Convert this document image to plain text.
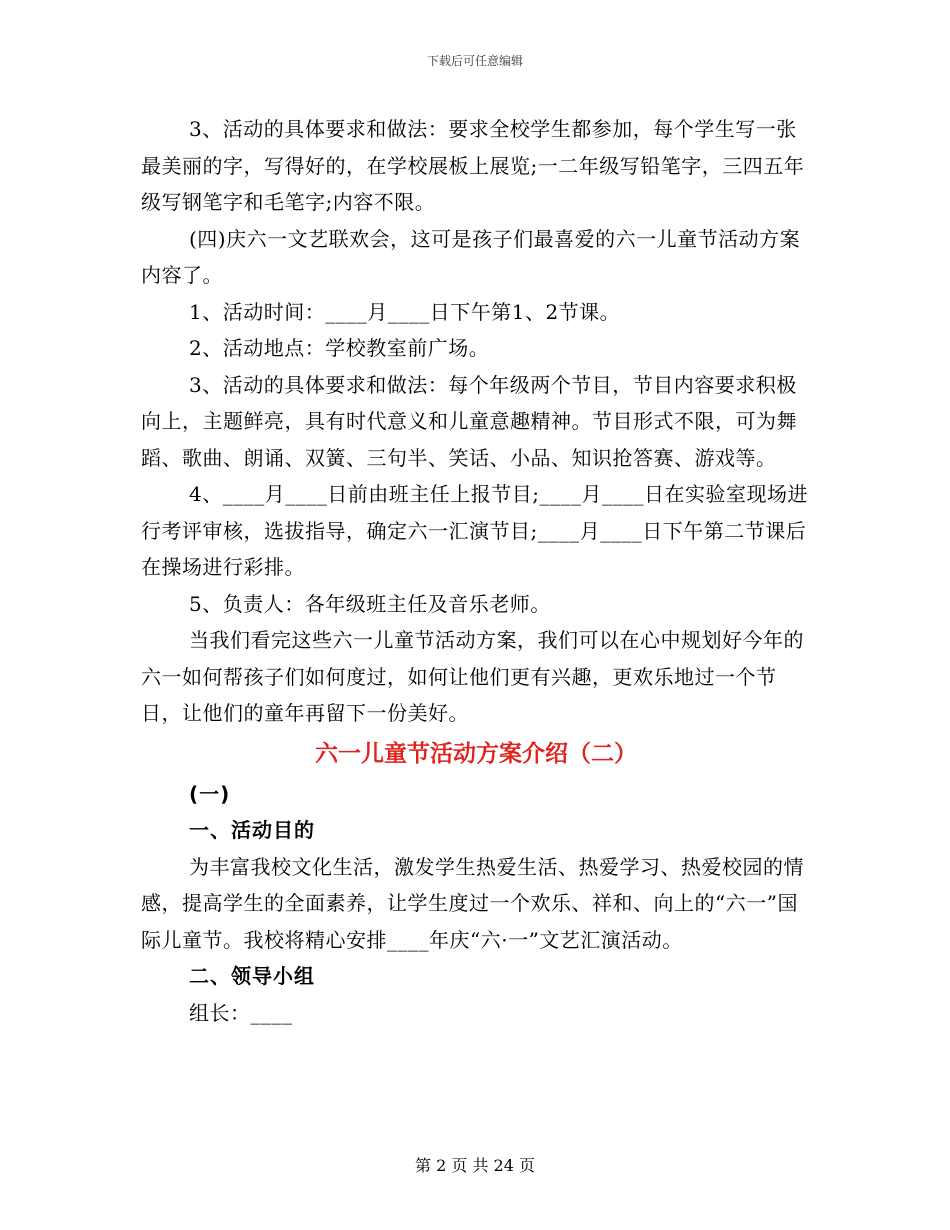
下载后可任意编辑

3、活动的具体要求和做法：要求全校学生都参加，每个学生写一张最美丽的字，写得好的，在学校展板上展览;一二年级写铅笔字，三四五年级写钢笔字和毛笔字;内容不限。

(四)庆六一文艺联欢会，这可是孩子们最喜爱的六一儿童节活动方案内容了。

1、活动时间：____月____日下午第1、2节课。

2、活动地点：学校教室前广场。

3、活动的具体要求和做法：每个年级两个节目，节目内容要求积极向上，主题鲜亮，具有时代意义和儿童意趣精神。节目形式不限，可为舞蹈、歌曲、朗诵、双簧、三句半、笑话、小品、知识抢答赛、游戏等。

4、____月____日前由班主任上报节目;____月____日在实验室现场进行考评审核，选拔指导，确定六一汇演节目;____月____日下午第二节课后在操场进行彩排。

5、负责人：各年级班主任及音乐老师。

当我们看完这些六一儿童节活动方案，我们可以在心中规划好今年的六一如何帮孩子们如何度过，如何让他们更有兴趣，更欢乐地过一个节日，让他们的童年再留下一份美好。

六一儿童节活动方案介绍（二）

(一)

一、活动目的

为丰富我校文化生活，激发学生热爱生活、热爱学习、热爱校园的情感，提高学生的全面素养，让学生度过一个欢乐、祥和、向上的“六一”国际儿童节。我校将精心安排____年庆“六·一”文艺汇演活动。

二、领导小组

组长：____

第 2 页 共 24 页
